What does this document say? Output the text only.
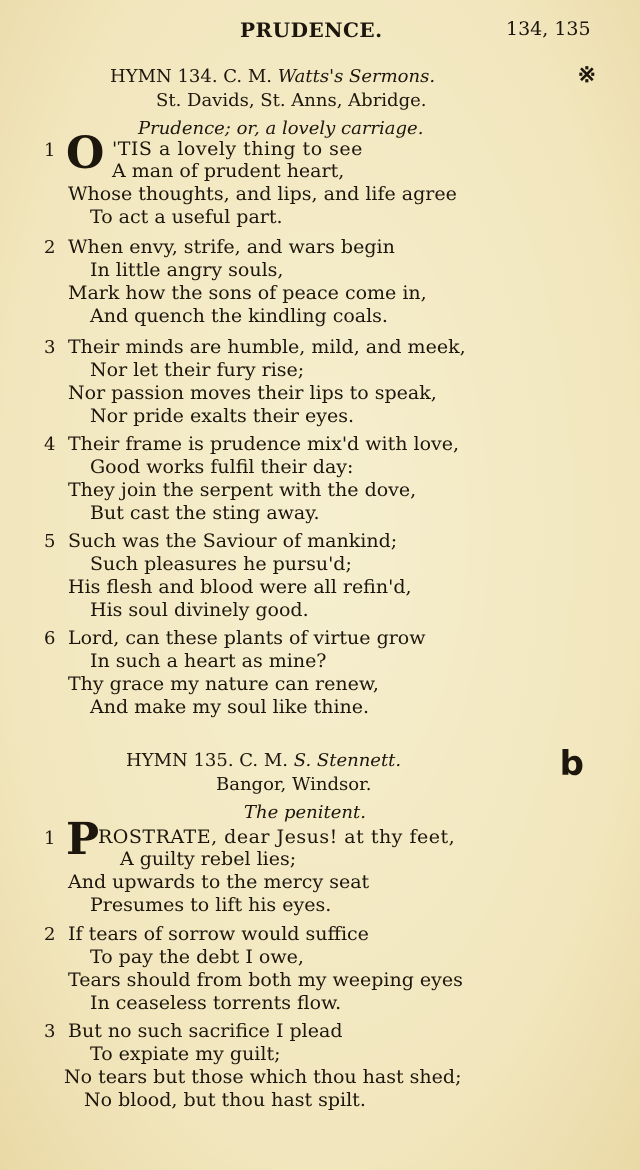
PRUDENCE.	134, 135
HYMN 134. C. M. Watts's Sermons.	※
St. Davids, St. Anns, Abridge.
Prudence; or, a lovely carriage.
1 O 'TIS a lovely thing to see
A man of prudent heart,
Whose thoughts, and lips, and life agree
To act a useful part.
2 When envy, strife, and wars begin
In little angry souls,
Mark how the sons of peace come in,
And quench the kindling coals.
3 Their minds are humble, mild, and meek,
Nor let their fury rise;
Nor passion moves their lips to speak,
Nor pride exalts their eyes.
4 Their frame is prudence mix'd with love,
Good works fulfil their day:
They join the serpent with the dove,
But cast the sting away.
5 Such was the Saviour of mankind;
Such pleasures he pursu'd;
His flesh and blood were all refin'd,
His soul divinely good.
6 Lord, can these plants of virtue grow
In such a heart as mine?
Thy grace my nature can renew,
And make my soul like thine.
HYMN 135. C. M. S. Stennett.	b
Bangor, Windsor.
The penitent.
1 P
ROSTRATE, dear Jesus! at thy feet,
A guilty rebel lies;
And upwards to the mercy seat
Presumes to lift his eyes.
2 If tears of sorrow would suffice
To pay the debt I owe,
Tears should from both my weeping eyes
In ceaseless torrents flow.
3 But no such sacrifice I plead
To expiate my guilt;
No tears but those which thou hast shed;
No blood, but thou hast spilt.
